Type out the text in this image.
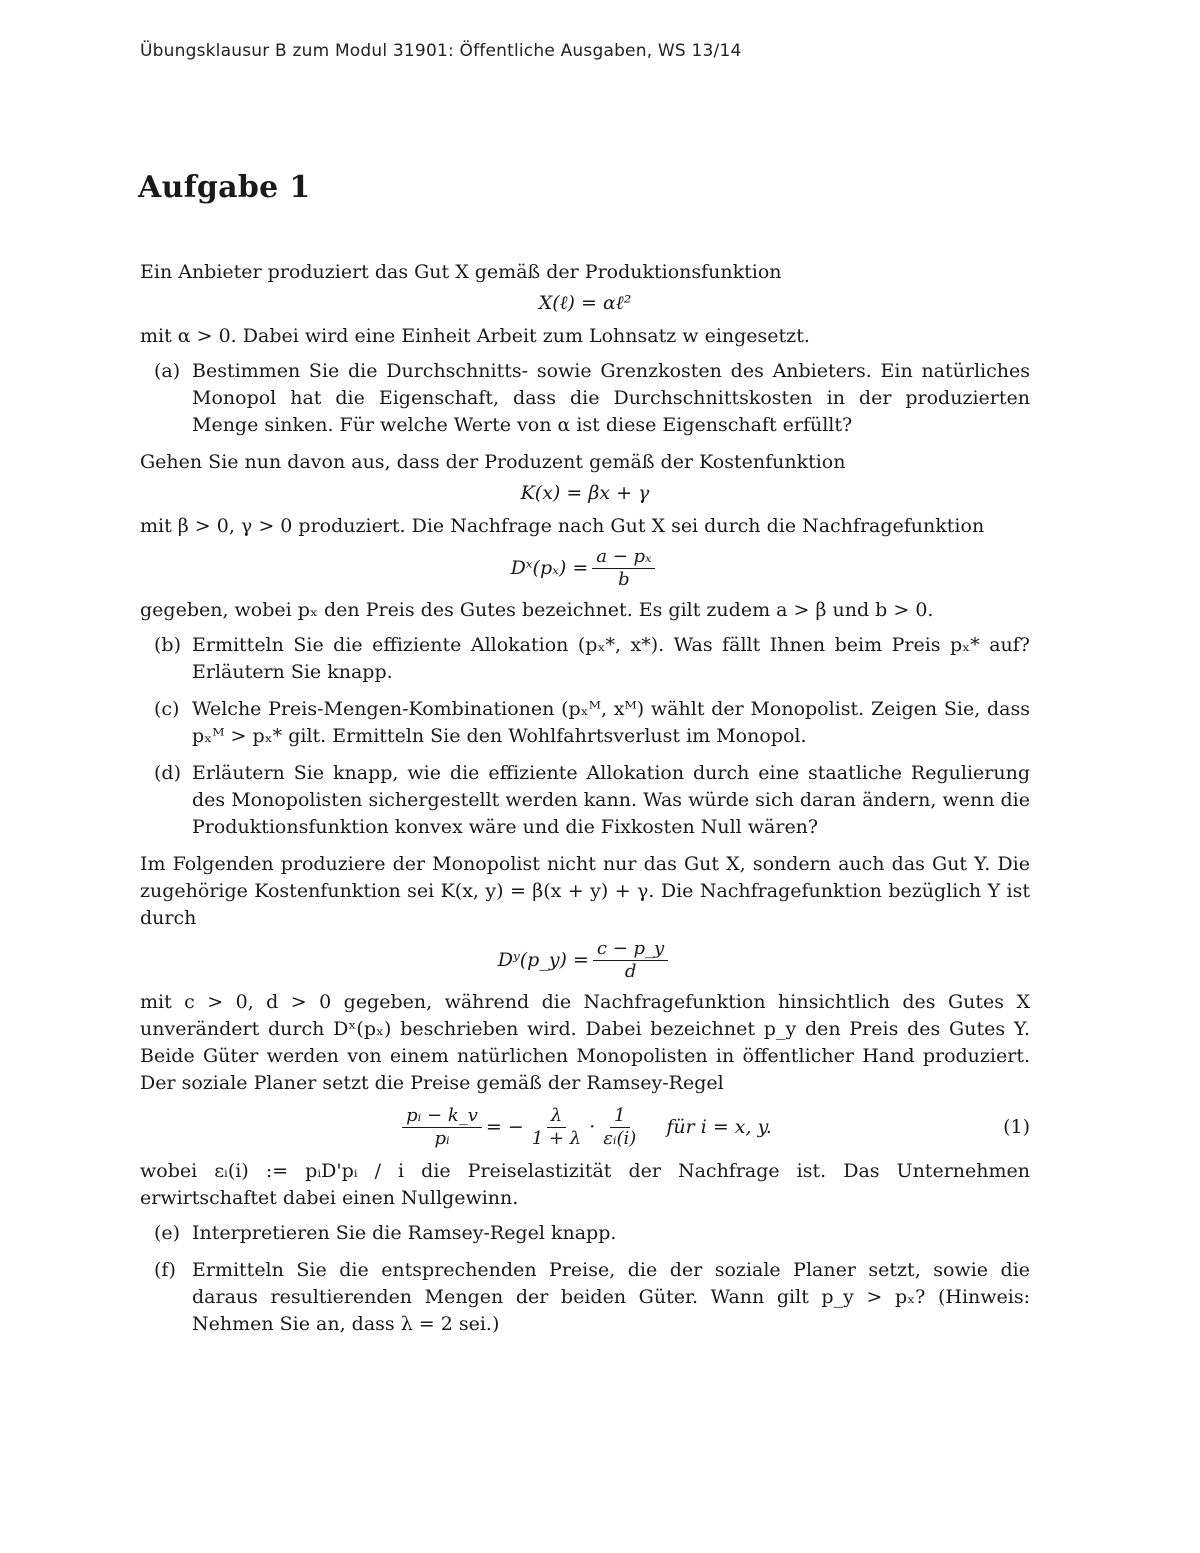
Übungsklausur B zum Modul 31901: Öffentliche Ausgaben, WS 13/14
Aufgabe 1

Ein Anbieter produziert das Gut X gemäß der Produktionsfunktion

X(ℓ) = αℓ²

mit α > 0. Dabei wird eine Einheit Arbeit zum Lohnsatz w eingesetzt.

(a) Bestimmen Sie die Durchschnitts- sowie Grenzkosten des Anbieters. Ein natürliches Monopol hat die Eigenschaft, dass die Durchschnittskosten in der produzierten Menge sinken. Für welche Werte von α ist diese Eigenschaft erfüllt?

Gehen Sie nun davon aus, dass der Produzent gemäß der Kostenfunktion

K(x) = βx + γ

mit β > 0, γ > 0 produziert. Die Nachfrage nach Gut X sei durch die Nachfragefunktion

Dˣ(pₓ) = $\frac{\text{a − pₓ}}{b}$

gegeben, wobei pₓ den Preis des Gutes bezeichnet. Es gilt zudem a > β und b > 0.

(b) Ermitteln Sie die effiziente Allokation (pₓ*, x*). Was fällt Ihnen beim Preis pₓ* auf? Erläutern Sie knapp.
(c) Welche Preis-Mengen-Kombinationen (pₓᴹ, xᴹ) wählt der Monopolist. Zeigen Sie, dass pₓᴹ > pₓ* gilt. Ermitteln Sie den Wohlfahrtsverlust im Monopol.
(d) Erläutern Sie knapp, wie die effiziente Allokation durch eine staatliche Regulierung des Monopolisten sichergestellt werden kann. Was würde sich daran ändern, wenn die Produktionsfunktion konvex wäre und die Fixkosten Null wären?

Im Folgenden produziere der Monopolist nicht nur das Gut X, sondern auch das Gut Y. Die zugehörige Kostenfunktion sei K(x, y) = β(x + y) + γ. Die Nachfragefunktion bezüglich Y ist durch

Dʸ(p_y) = $\frac{c - p\_y}{d}$

mit c > 0, d > 0 gegeben, während die Nachfragefunktion hinsichtlich des Gutes X unverändert durch Dˣ(pₓ) beschrieben wird. Dabei bezeichnet p_y den Preis des Gutes Y. Beide Güter werden von einem natürlichen Monopolisten in öffentlicher Hand produziert. Der soziale Planer setzt die Preise gemäß der Ramsey-Regel

$\frac{\text{pᵢ − k\_v}}{\text{pᵢ}}$ = − $\frac{\lambda}{1 + \lambda} \cdot \frac{1}{\text{εᵢ(i)}}$ für i = x, y.	(1)

wobei εᵢ(i) := pᵢD'pᵢ / i die Preiselastizität der Nachfrage ist. Das Unternehmen erwirtschaftet dabei einen Nullgewinn.

(e) Interpretieren Sie die Ramsey-Regel knapp.
(f) Ermitteln Sie die entsprechenden Preise, die der soziale Planer setzt, sowie die daraus resultierenden Mengen der beiden Güter. Wann gilt p_y > pₓ? (Hinweis: Nehmen Sie an, dass λ = 2 sei.)
